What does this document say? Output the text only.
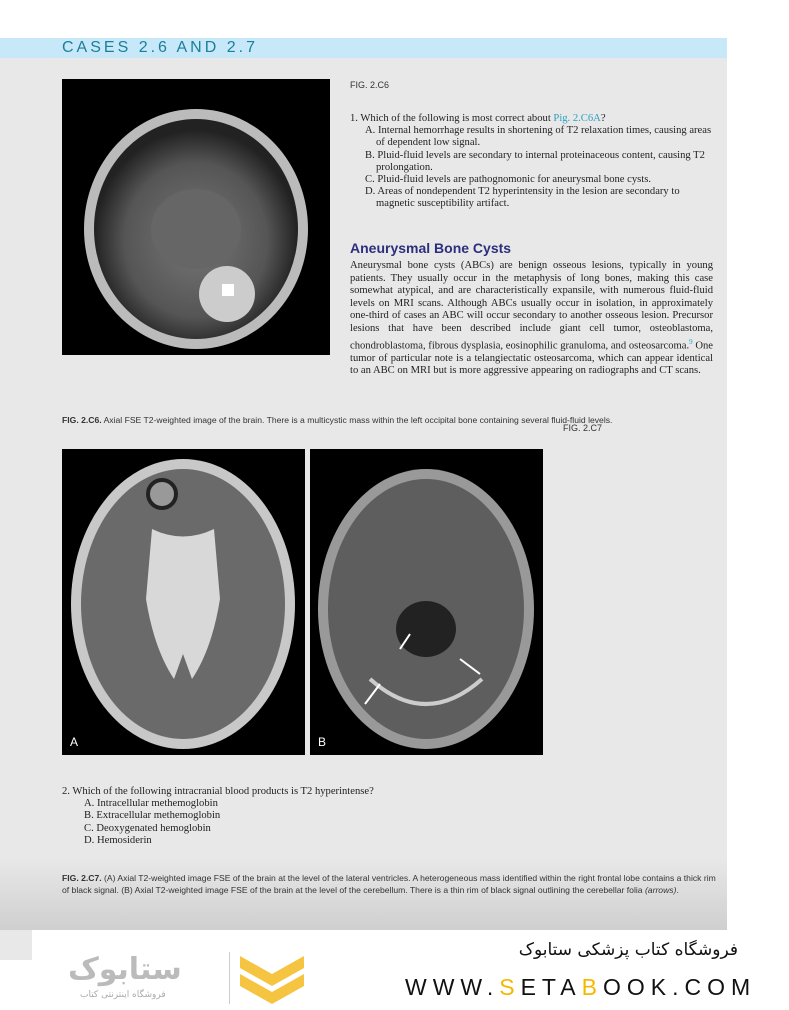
CASES 2.6 AND 2.7
FIG. 2.C6
1. Which of the following is most correct about Pig. 2.C6A?
A. Internal hemorrhage results in shortening of T2 relaxation times, causing areas of dependent low signal.
B. Pluid-fluid levels are secondary to internal proteinaceous content, causing T2 prolongation.
C. Pluid-fluid levels are pathognomonic for aneurysmal bone cysts.
D. Areas of nondependent T2 hyperintensity in the lesion are secondary to magnetic susceptibility artifact.
Aneurysmal Bone Cysts
Aneurysmal bone cysts (ABCs) are benign osseous lesions, typically in young patients. They usually occur in the metaphysis of long bones, making this case somewhat atypical, and are characteristically expansile, with numerous fluid-fluid levels on MRI scans. Although ABCs usually occur in isolation, in approximately one-third of cases an ABC will occur secondary to another osseous lesion. Precursor lesions that have been described include giant cell tumor, osteoblastoma, chondroblastoma, fibrous dysplasia, eosinophilic granuloma, and osteosarcoma.$^9$ One tumor of particular note is a telangiectatic osteosarcoma, which can appear identical to an ABC on MRI but is more aggressive appearing on radiographs and CT scans.
FIG. 2.C6. Axial FSE T2-weighted image of the brain. There is a multicystic mass within the left occipital bone containing several fluid-fluid levels.
A	B
FIG. 2.C7
2. Which of the following intracranial blood products is T2 hyperintense?
A. Intracellular methemoglobin
B. Extracellular methemoglobin
C. Deoxygenated hemoglobin
D. Hemosiderin
FIG. 2.C7. (A) Axial T2-weighted image FSE of the brain at the level of the lateral ventricles. A heterogeneous mass identified within the right frontal lobe contains a thick rim of black signal. (B) Axial T2-weighted image FSE of the brain at the level of the cerebellum. There is a thin rim of black signal outlining the cerebellar folia (arrows).
ستابوک
فروشگاه اینترنتی کتاب
فروشگاه کتاب پزشکی ستابوک
WWW.SETABOOK.COM
